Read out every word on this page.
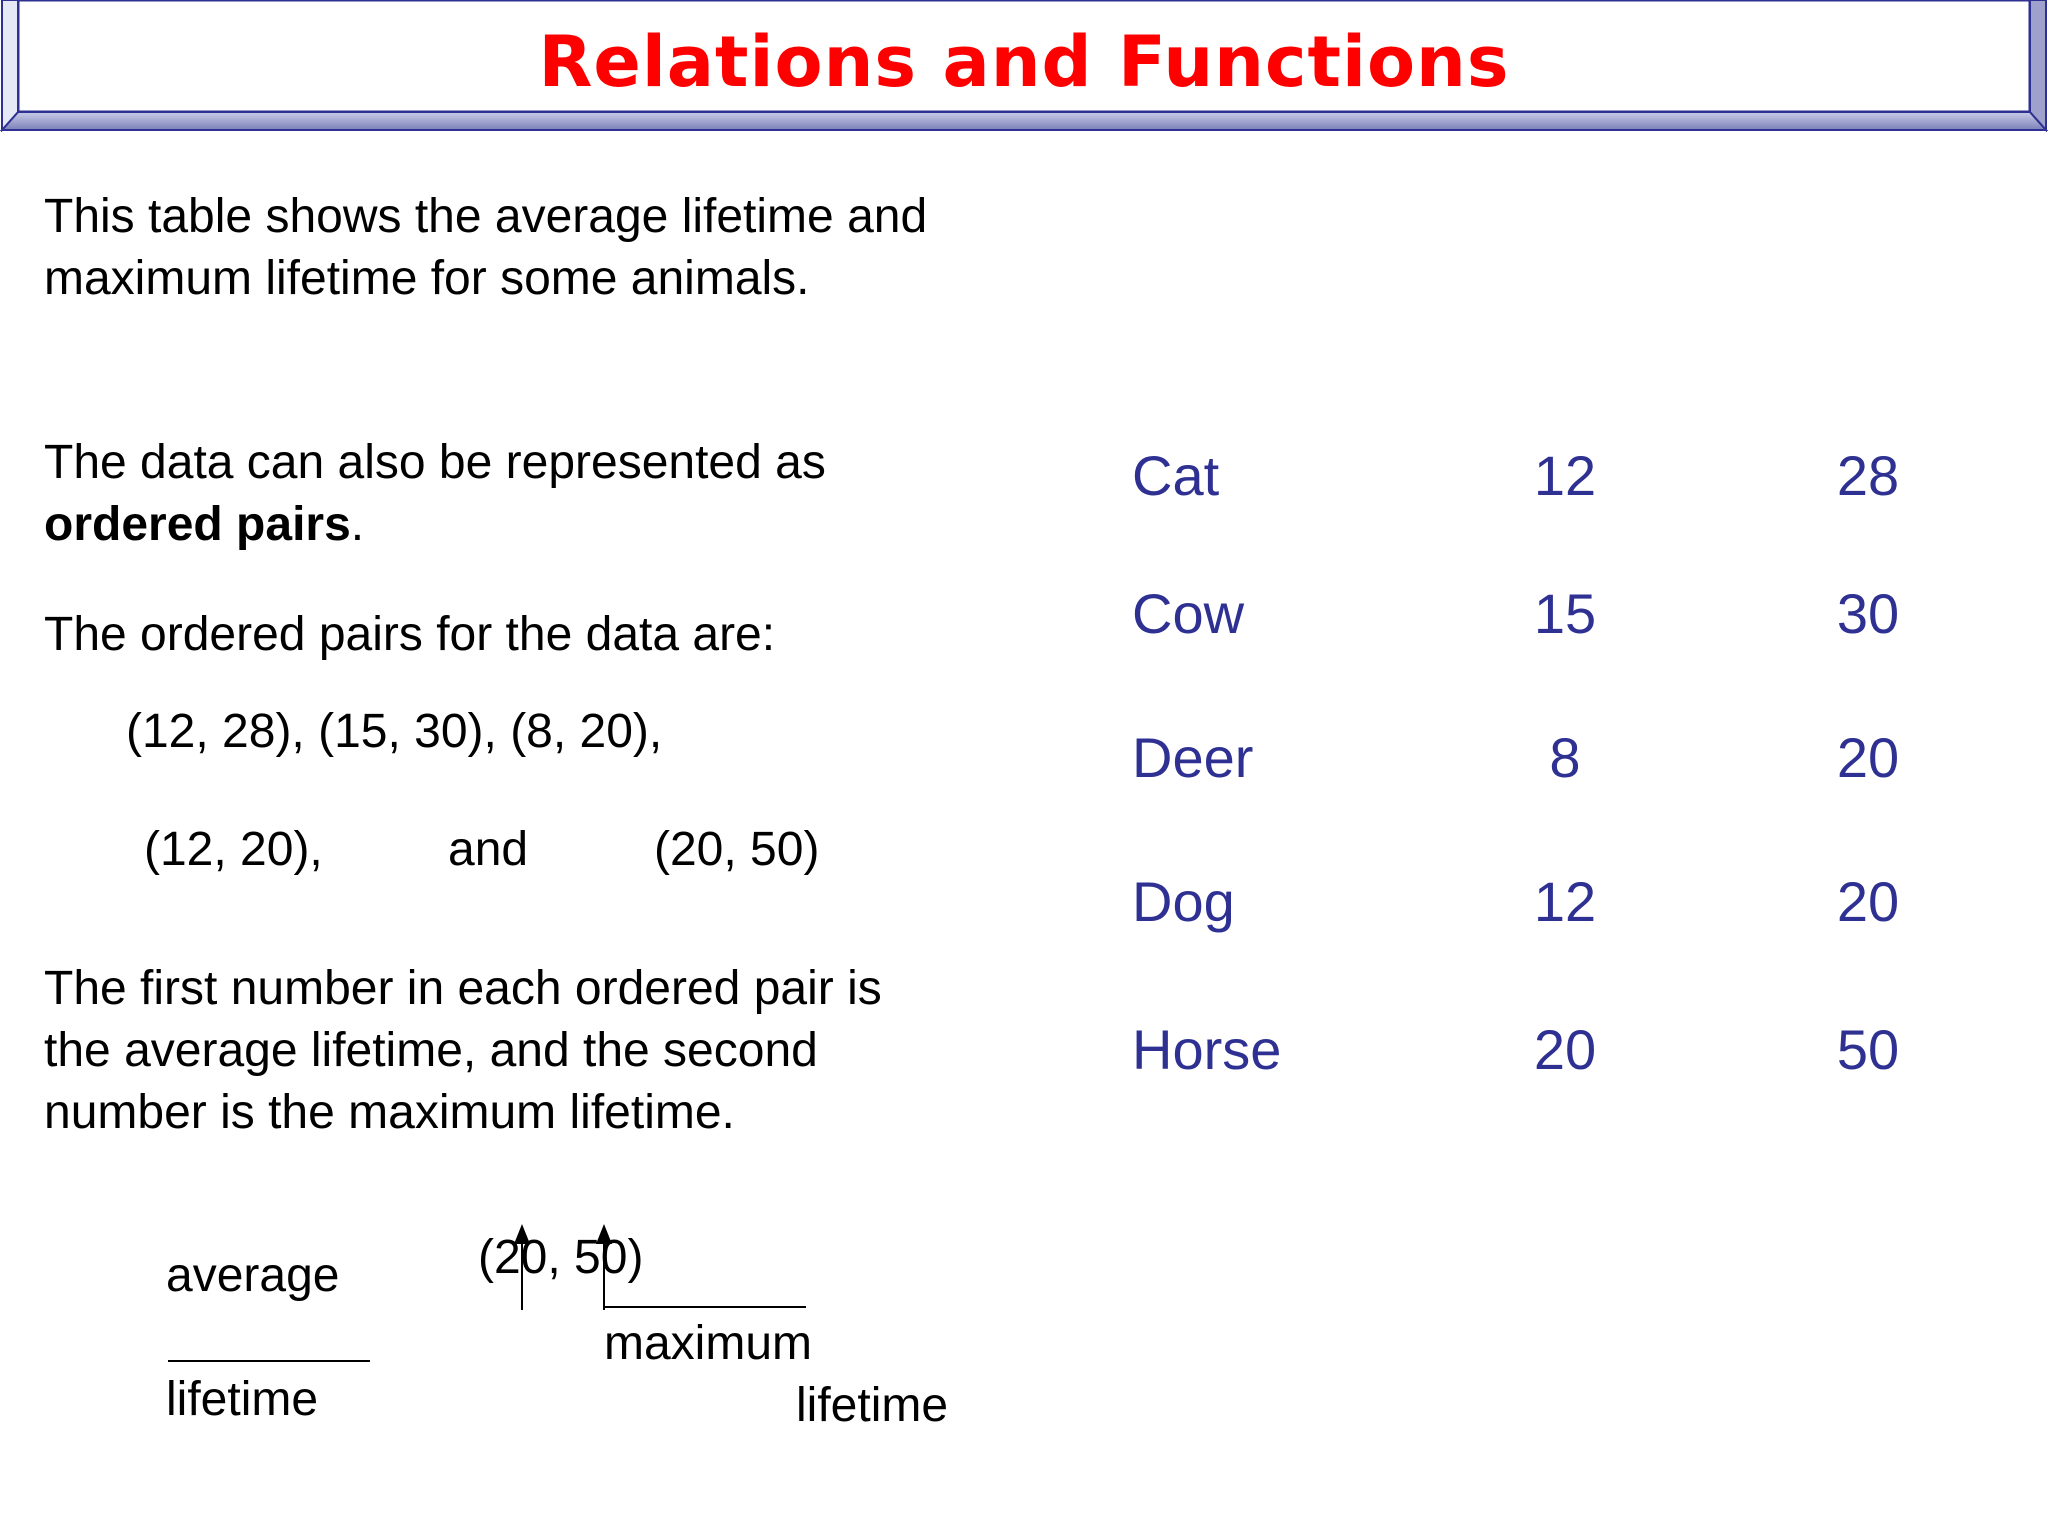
Relations and Functions

This table shows the average lifetime and maximum lifetime for some animals.

The data can also be represented as ordered pairs.

The ordered pairs for the data are:

(12, 28), (15, 30), (8, 20),
(12, 20),	and	(20, 50)

The first number in each ordered pair is the average lifetime, and the second number is the maximum lifetime.

average
lifetime
(20, 50)
maximum
lifetime
Cat	12	28
Cow	15	30
Deer	8	20
Dog	12	20
Horse	20	50
